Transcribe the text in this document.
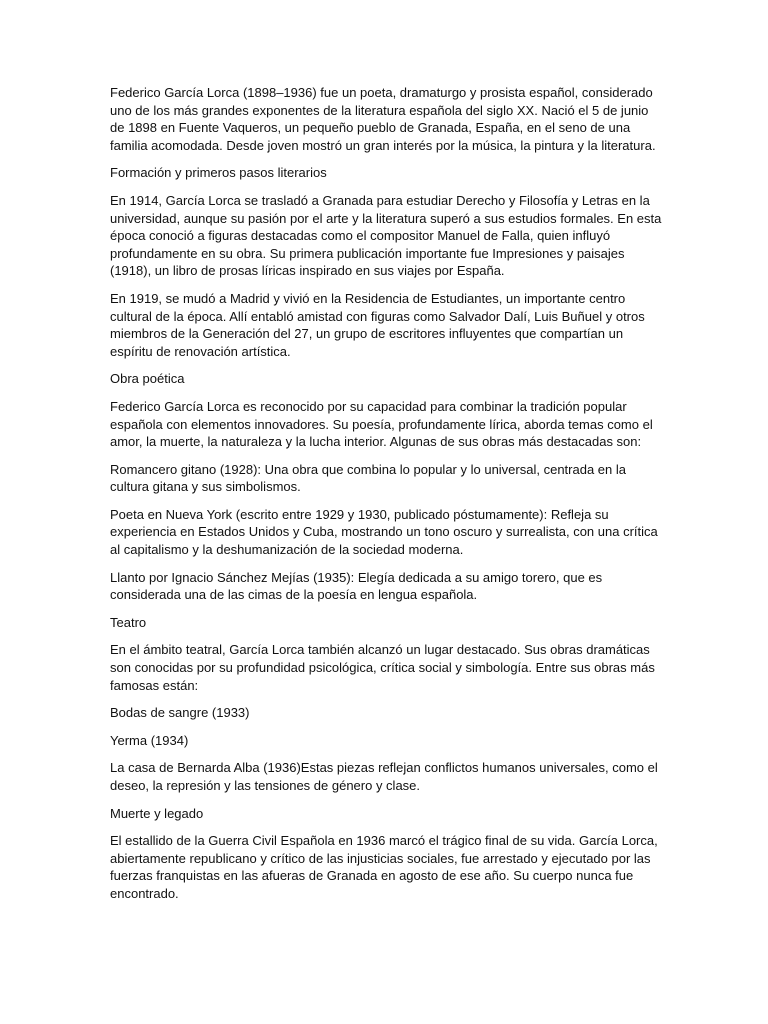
Federico García Lorca (1898–1936) fue un poeta, dramaturgo y prosista español, considerado uno de los más grandes exponentes de la literatura española del siglo XX. Nació el 5 de junio de 1898 en Fuente Vaqueros, un pequeño pueblo de Granada, España, en el seno de una familia acomodada. Desde joven mostró un gran interés por la música, la pintura y la literatura.

Formación y primeros pasos literarios

En 1914, García Lorca se trasladó a Granada para estudiar Derecho y Filosofía y Letras en la universidad, aunque su pasión por el arte y la literatura superó a sus estudios formales. En esta época conoció a figuras destacadas como el compositor Manuel de Falla, quien influyó profundamente en su obra. Su primera publicación importante fue Impresiones y paisajes (1918), un libro de prosas líricas inspirado en sus viajes por España.

En 1919, se mudó a Madrid y vivió en la Residencia de Estudiantes, un importante centro cultural de la época. Allí entabló amistad con figuras como Salvador Dalí, Luis Buñuel y otros miembros de la Generación del 27, un grupo de escritores influyentes que compartían un espíritu de renovación artística.

Obra poética

Federico García Lorca es reconocido por su capacidad para combinar la tradición popular española con elementos innovadores. Su poesía, profundamente lírica, aborda temas como el amor, la muerte, la naturaleza y la lucha interior. Algunas de sus obras más destacadas son:

Romancero gitano (1928): Una obra que combina lo popular y lo universal, centrada en la cultura gitana y sus simbolismos.

Poeta en Nueva York (escrito entre 1929 y 1930, publicado póstumamente): Refleja su experiencia en Estados Unidos y Cuba, mostrando un tono oscuro y surrealista, con una crítica al capitalismo y la deshumanización de la sociedad moderna.

Llanto por Ignacio Sánchez Mejías (1935): Elegía dedicada a su amigo torero, que es considerada una de las cimas de la poesía en lengua española.

Teatro

En el ámbito teatral, García Lorca también alcanzó un lugar destacado. Sus obras dramáticas son conocidas por su profundidad psicológica, crítica social y simbología. Entre sus obras más famosas están:

Bodas de sangre (1933)

Yerma (1934)

La casa de Bernarda Alba (1936)Estas piezas reflejan conflictos humanos universales, como el deseo, la represión y las tensiones de género y clase.

Muerte y legado

El estallido de la Guerra Civil Española en 1936 marcó el trágico final de su vida. García Lorca, abiertamente republicano y crítico de las injusticias sociales, fue arrestado y ejecutado por las fuerzas franquistas en las afueras de Granada en agosto de ese año. Su cuerpo nunca fue encontrado.
